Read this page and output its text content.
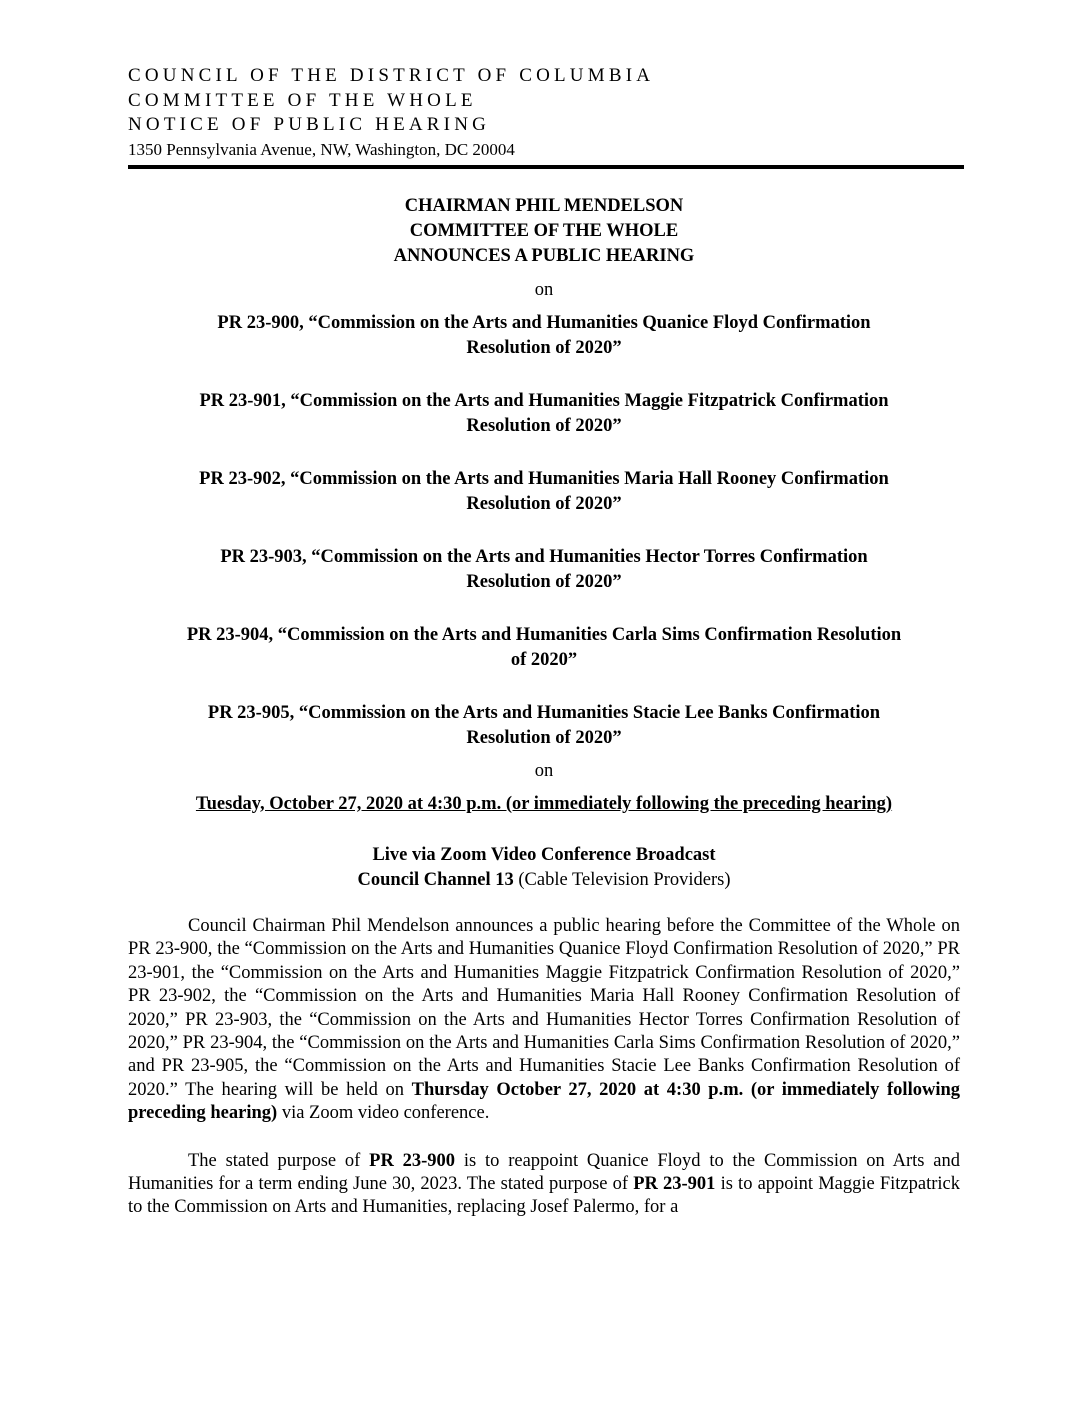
COUNCIL OF THE DISTRICT OF COLUMBIA
COMMITTEE OF THE WHOLE
NOTICE OF PUBLIC HEARING
1350 Pennsylvania Avenue, NW, Washington, DC 20004
CHAIRMAN PHIL MENDELSON
COMMITTEE OF THE WHOLE
ANNOUNCES A PUBLIC HEARING
on
PR 23-900, “Commission on the Arts and Humanities Quanice Floyd Confirmation
Resolution of 2020”
PR 23-901, “Commission on the Arts and Humanities Maggie Fitzpatrick Confirmation
Resolution of 2020”
PR 23-902, “Commission on the Arts and Humanities Maria Hall Rooney Confirmation
Resolution of 2020”
PR 23-903, “Commission on the Arts and Humanities Hector Torres Confirmation
Resolution of 2020”
PR 23-904, “Commission on the Arts and Humanities Carla Sims Confirmation Resolution
of 2020”
PR 23-905, “Commission on the Arts and Humanities Stacie Lee Banks Confirmation
Resolution of 2020”
on
Tuesday, October 27, 2020 at 4:30 p.m. (or immediately following the preceding hearing)
Live via Zoom Video Conference Broadcast
Council Channel 13 (Cable Television Providers)

Council Chairman Phil Mendelson announces a public hearing before the Committee of the Whole on PR 23-900, the “Commission on the Arts and Humanities Quanice Floyd Confirmation Resolution of 2020,” PR 23-901, the “Commission on the Arts and Humanities Maggie Fitzpatrick Confirmation Resolution of 2020,” PR 23-902, the “Commission on the Arts and Humanities Maria Hall Rooney Confirmation Resolution of 2020,” PR 23-903, the “Commission on the Arts and Humanities Hector Torres Confirmation Resolution of 2020,” PR 23-904, the “Commission on the Arts and Humanities Carla Sims Confirmation Resolution of 2020,” and PR 23-905, the “Commission on the Arts and Humanities Stacie Lee Banks Confirmation Resolution of 2020.” The hearing will be held on Thursday October 27, 2020 at 4:30 p.m. (or immediately following preceding hearing) via Zoom video conference.

The stated purpose of PR 23-900 is to reappoint Quanice Floyd to the Commission on Arts and Humanities for a term ending June 30, 2023. The stated purpose of PR 23-901 is to appoint Maggie Fitzpatrick to the Commission on Arts and Humanities, replacing Josef Palermo, for a
